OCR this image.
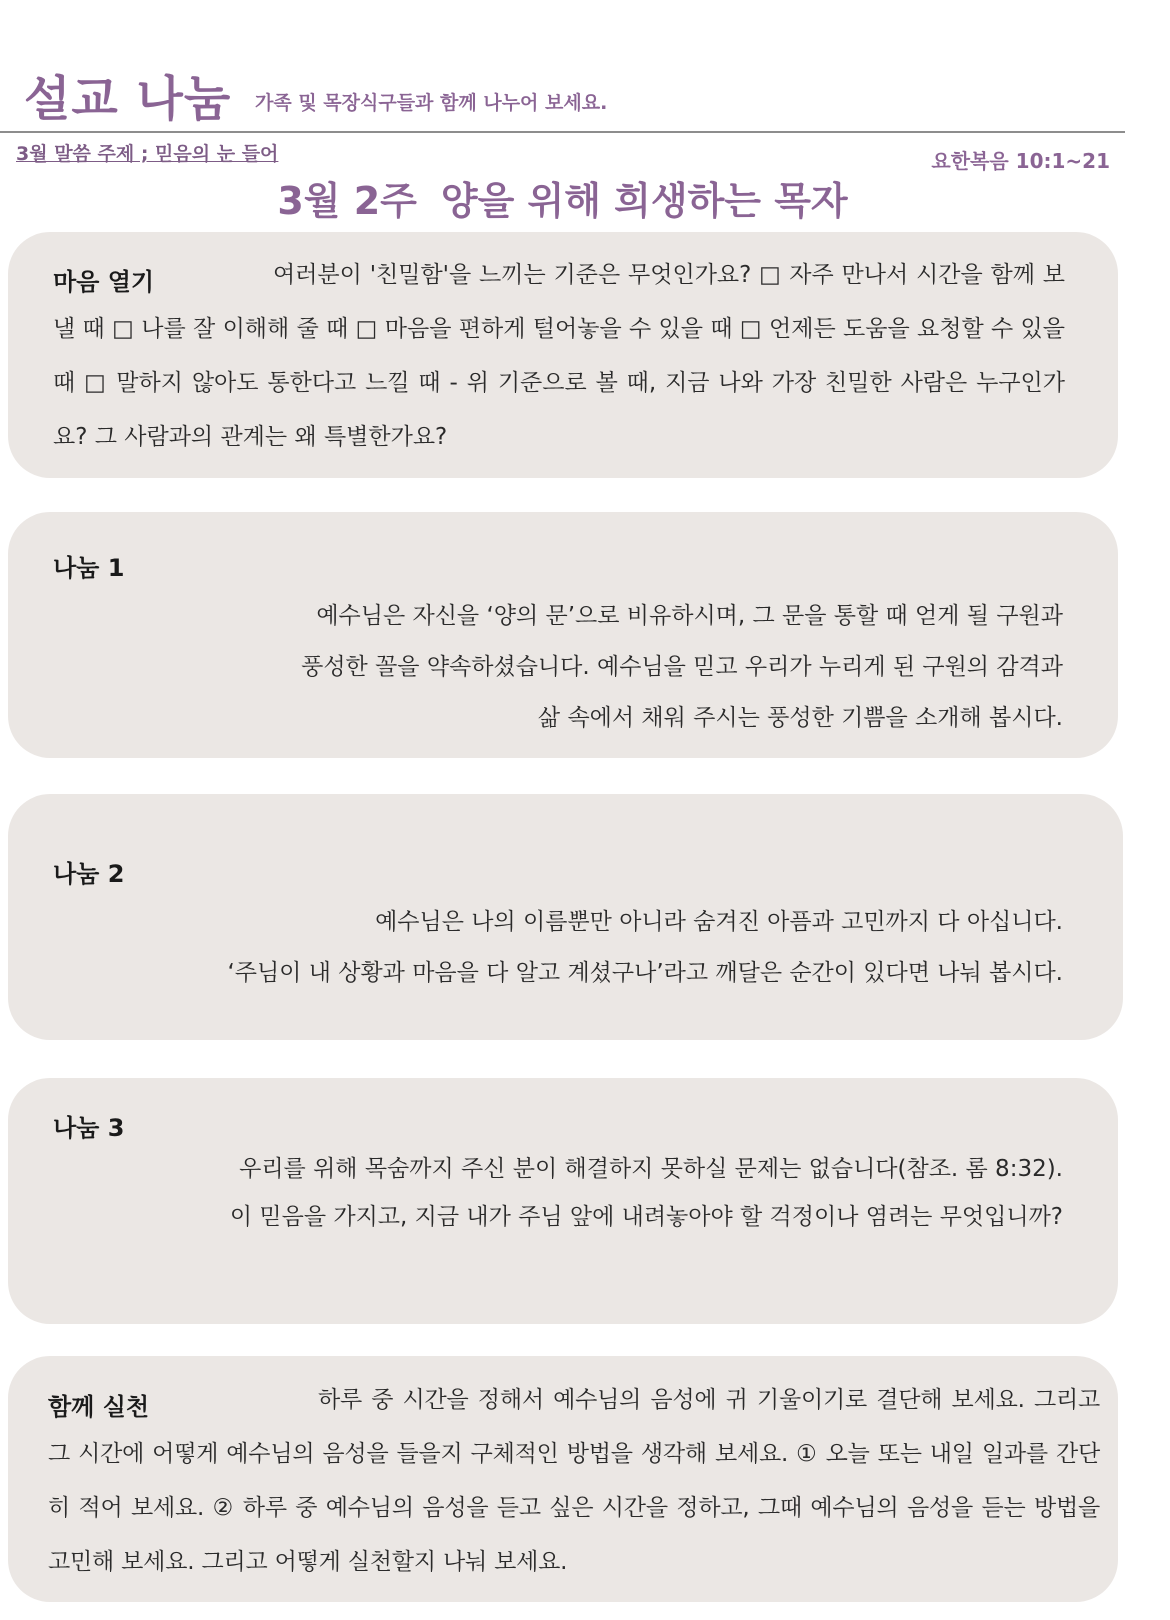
설교 나눔 가족 및 목장식구들과 함께 나누어 보세요.
3월 말씀 주제 ; 믿음의 눈 들어	요한복음 10:1~21
3월 2주 양을 위해 희생하는 목자
마음 열기	여러분이 '친밀함'을 느끼는 기준은 무엇인가요? □ 자주 만나서 시간을 함께 보낼 때 □ 나를 잘 이해해 줄 때 □ 마음을 편하게 털어놓을 수 있을 때 □ 언제든 도움을 요청할 수 있을 때 □ 말하지 않아도 통한다고 느낄 때 - 위 기준으로 볼 때, 지금 나와 가장 친밀한 사람은 누구인가요? 그 사람과의 관계는 왜 특별한가요?

나눔 1
예수님은 자신을 ‘양의 문’으로 비유하시며, 그 문을 통할 때 얻게 될 구원과
풍성한 꼴을 약속하셨습니다. 예수님을 믿고 우리가 누리게 된 구원의 감격과
삶 속에서 채워 주시는 풍성한 기쁨을 소개해 봅시다.
나눔 2
예수님은 나의 이름뿐만 아니라 숨겨진 아픔과 고민까지 다 아십니다.
‘주님이 내 상황과 마음을 다 알고 계셨구나’라고 깨달은 순간이 있다면 나눠 봅시다.
나눔 3
우리를 위해 목숨까지 주신 분이 해결하지 못하실 문제는 없습니다(참조. 롬 8:32).
이 믿음을 가지고, 지금 내가 주님 앞에 내려놓아야 할 걱정이나 염려는 무엇입니까?
함께 실천	하루 중 시간을 정해서 예수님의 음성에 귀 기울이기로 결단해 보세요. 그리고 그 시간에 어떻게 예수님의 음성을 들을지 구체적인 방법을 생각해 보세요. ① 오늘 또는 내일 일과를 간단히 적어 보세요. ② 하루 중 예수님의 음성을 듣고 싶은 시간을 정하고, 그때 예수님의 음성을 듣는 방법을 고민해 보세요. 그리고 어떻게 실천할지 나눠 보세요.
